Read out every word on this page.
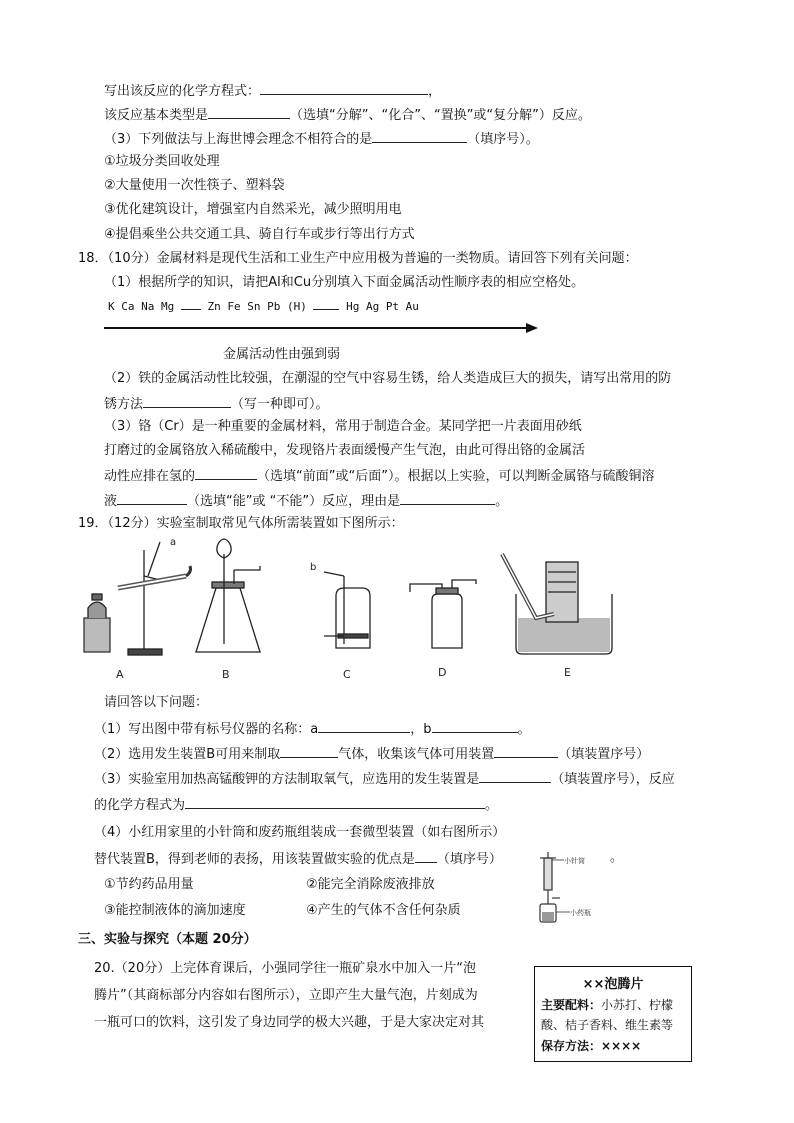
写出该反应的化学方程式：	，
该反应基本类型是	（选填“分解”、“化合”、“置换”或“复分解”）反应。
（3）下列做法与上海世博会理念不相符合的是	（填序号）。
①垃圾分类回收处理
②大量使用一次性筷子、塑料袋
③优化建筑设计，增强室内自然采光，减少照明用电
④提倡乘坐公共交通工具、骑自行车或步行等出行方式
18．（10分）金属材料是现代生活和工业生产中应用极为普遍的一类物质。请回答下列有关问题：
（1）根据所学的知识，请把Al和Cu分别填入下面金属活动性顺序表的相应空格处。
K Ca Na Mg	Zn Fe Sn Pb (H)	Hg Ag Pt Au
金属活动性由强到弱
（2）铁的金属活动性比较强，在潮湿的空气中容易生锈，给人类造成巨大的损失，请写出常用的防
锈方法	（写一种即可）。
（3）铬（Cr）是一种重要的金属材料，常用于制造合金。某同学把一片表面用砂纸
打磨过的金属铬放入稀硫酸中，发现铬片表面缓慢产生气泡，由此可得出铬的金属活
动性应排在氢的	（选填“前面”或“后面”）。根据以上实验，可以判断金属铬与硫酸铜溶
液	（选填“能”或 “不能”）反应，理由是	。
19．（12分）实验室制取常见气体所需装置如下图所示：
a
b
A	B	C	D	E
请回答以下问题：
（1）写出图中带有标号仪器的名称：a	，b	。
（2）选用发生装置B可用来制取	气体，收集该气体可用装置	（填装置序号）
（3）实验室用加热高锰酸钾的方法制取氧气，应选用的发生装置是	（填装置序号），反应
的化学方程式为	。
（4）小红用家里的小针筒和废药瓶组装成一套微型装置（如右图所示）
替代装置B，得到老师的表扬，用该装置做实验的优点是 （填序号）	。
①节约药品用量	②能完全消除废液排放
③能控制液体的滴加速度	④产生的气体不含任何杂质
小针筒
小药瓶
三、实验与探究（本题 20分）
20.（20分）上完体育课后，小强同学往一瓶矿泉水中加入一片“泡
腾片”（其商标部分内容如右图所示），立即产生大量气泡，片刻成为
一瓶可口的饮料，这引发了身边同学的极大兴趣，于是大家决定对其
××泡腾片
主要配料：小苏打、柠檬
酸、桔子香料、维生素等
保存方法：××××
